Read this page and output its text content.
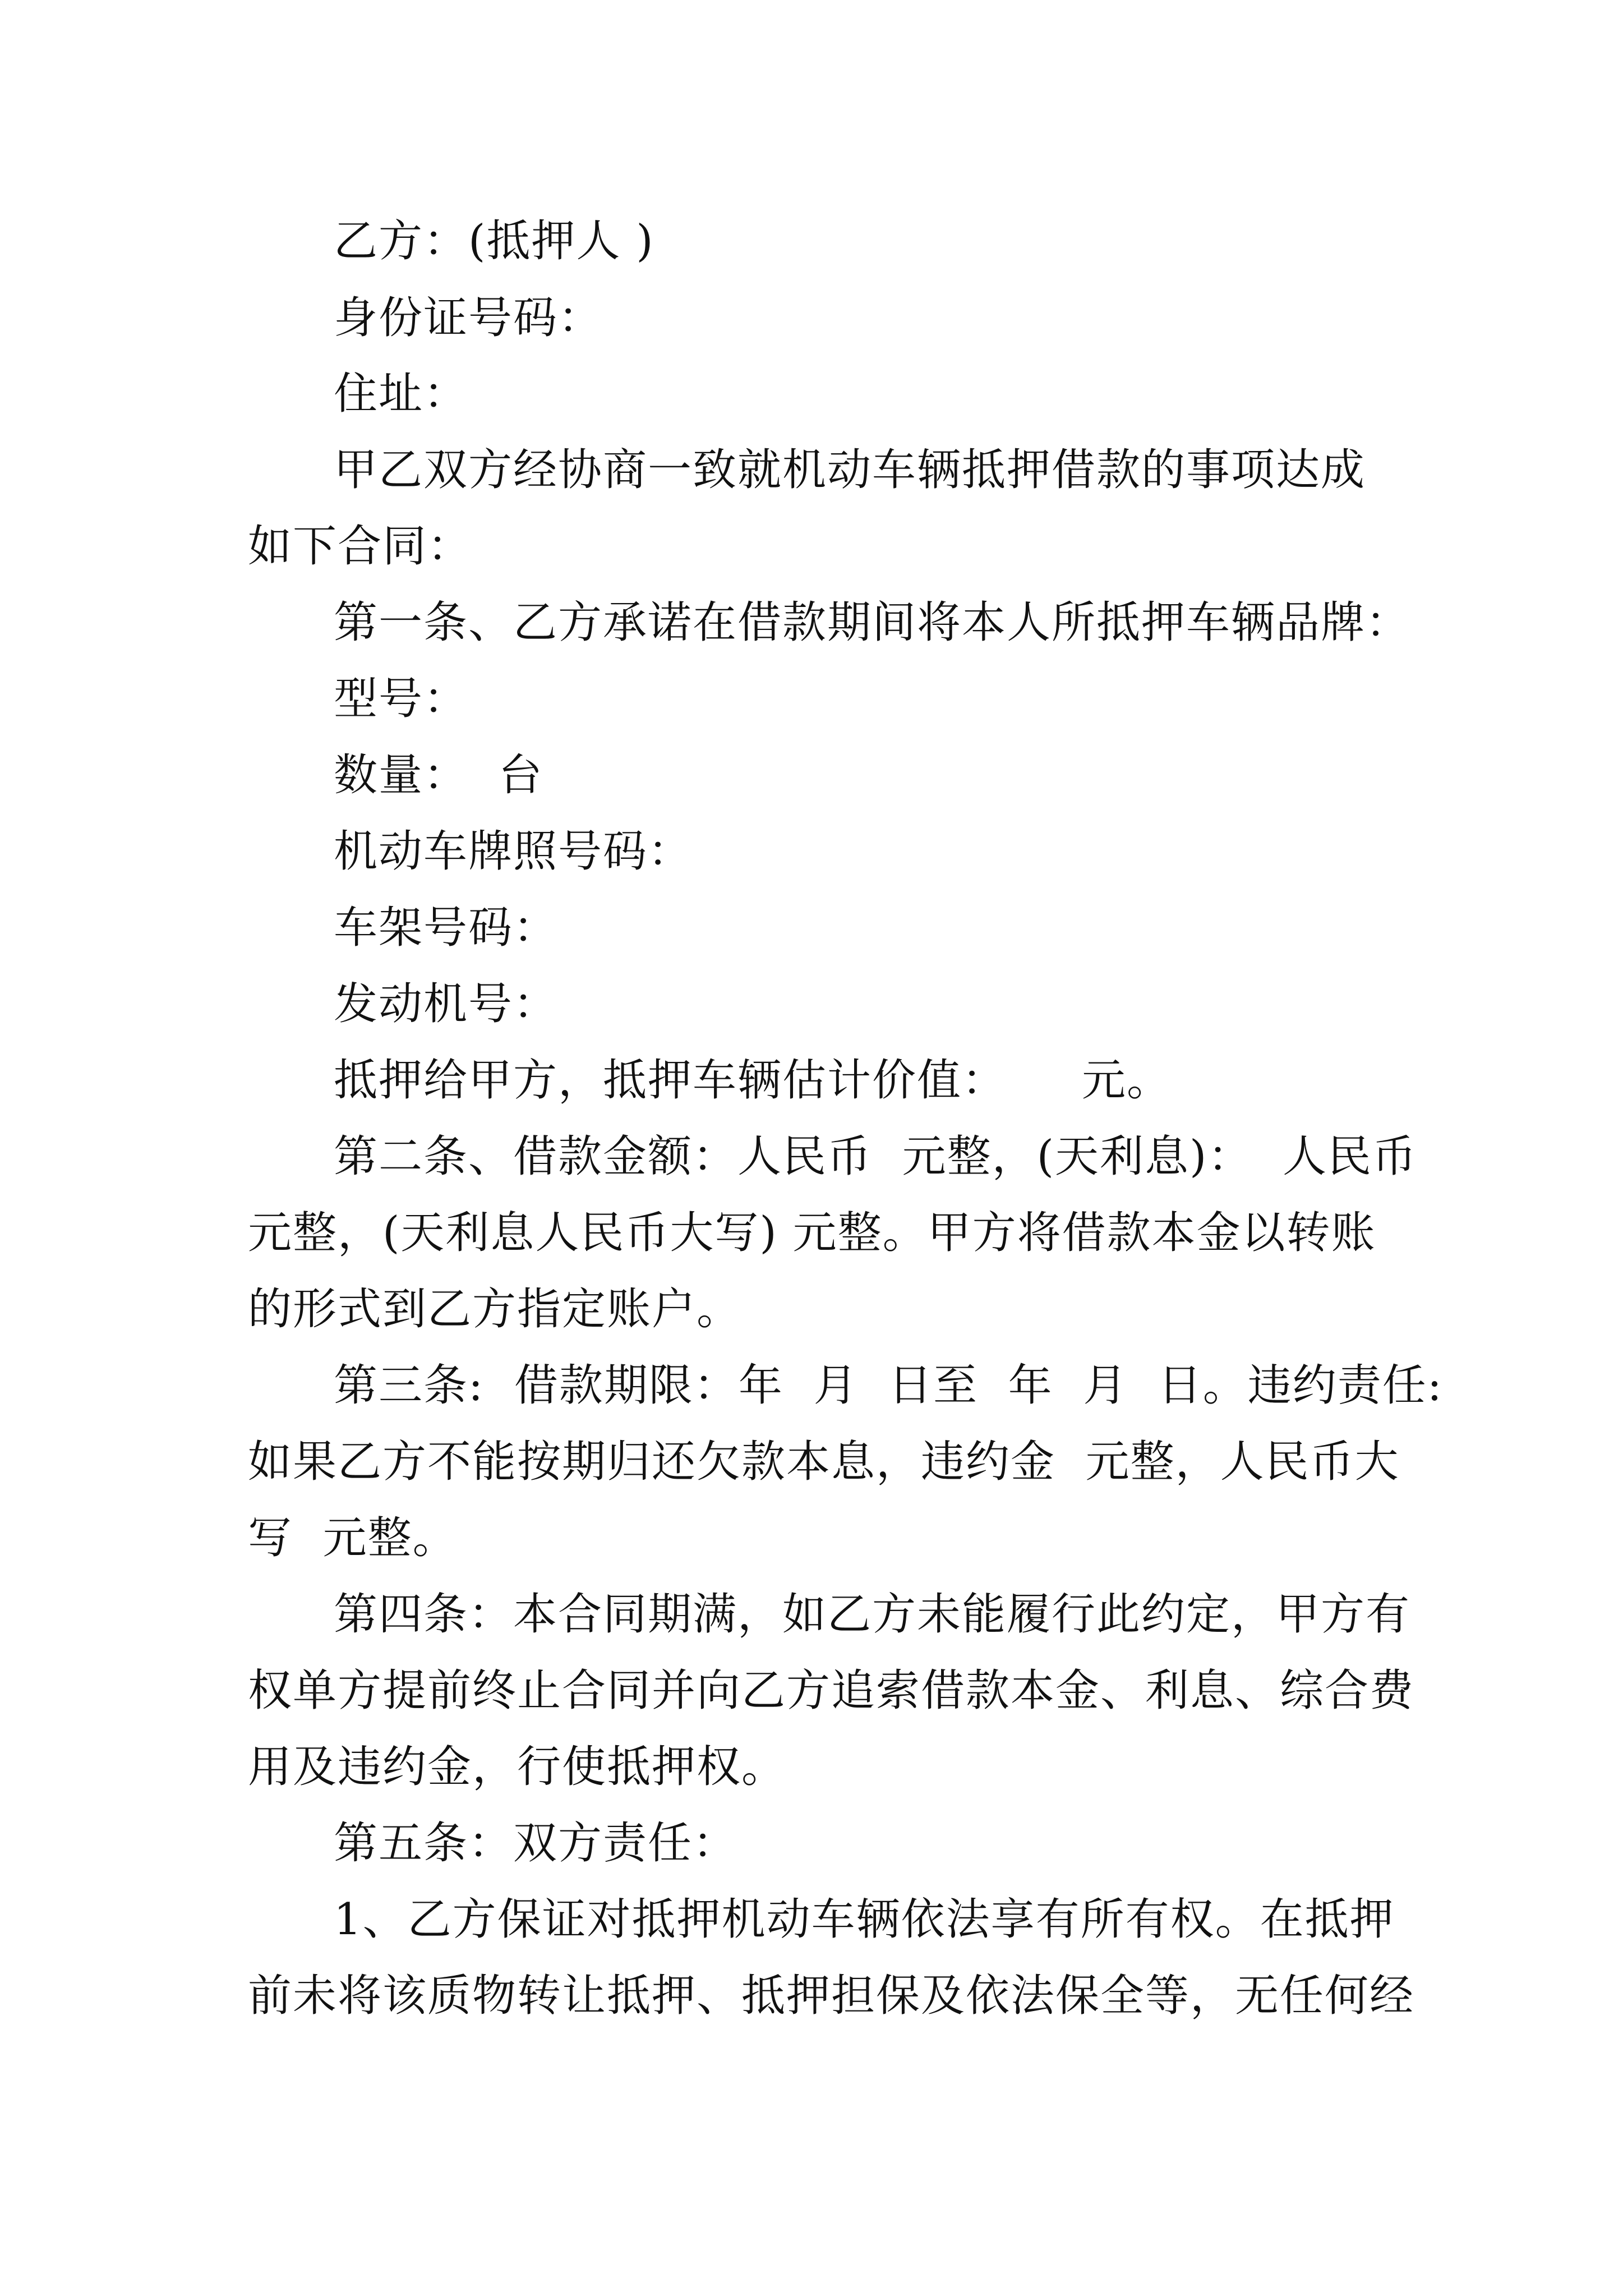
乙方：(抵押人 )
身份证号码：
住址：
甲乙双方经协商一致就机动车辆抵押借款的事项达成
如下合同：
第一条、乙方承诺在借款期间将本人所抵押车辆品牌：
型号：
数量：  台
机动车牌照号码：
车架号码：
发动机号：
抵押给甲方，抵押车辆估计价值：     元。
第二条、借款金额：人民币  元整，(天利息)：  人民币
元整，(天利息人民币大写) 元整。甲方将借款本金以转账
的形式到乙方指定账户。
第三条:  借款期限：年  月  日至  年  月  日。违约责任:
如果乙方不能按期归还欠款本息，违约金  元整，人民币大
写  元整。
第四条：本合同期满，如乙方未能履行此约定，甲方有
权单方提前终止合同并向乙方追索借款本金、利息、综合费
用及违约金，行使抵押权。
第五条：双方责任：
1、乙方保证对抵押机动车辆依法享有所有权。在抵押
前未将该质物转让抵押、抵押担保及依法保全等，无任何经
